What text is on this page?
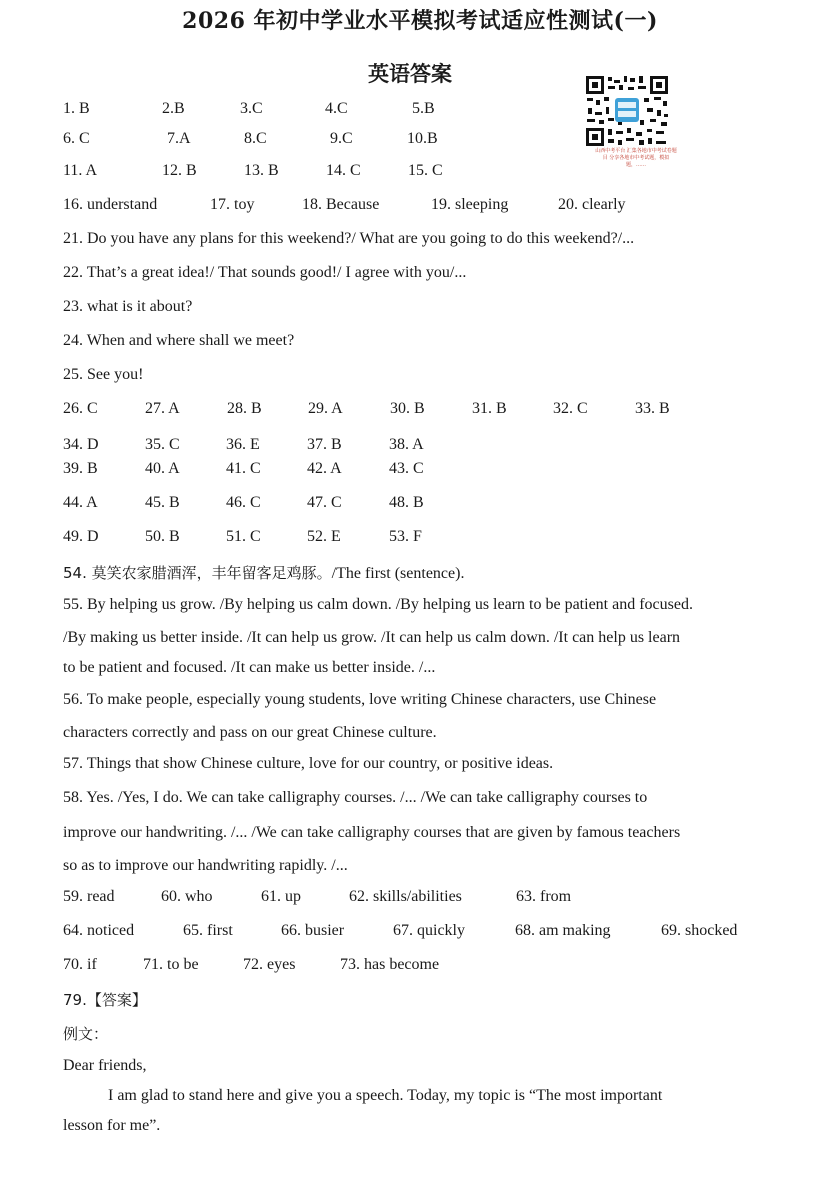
2026 年初中学业水平模拟考试适应性测试(一)
英语答案
山西中考平台 汇集各地市中考试卷题目 分享各地市中考试题，模拟题，……
1. B	2.B	3.C	4.C	5.B
6. C	7.A	8.C	9.C	10.B
11. A	12. B	13. B	14. C	15. C
16. understand	17. toy	18. Because	19. sleeping	20. clearly
21. Do you have any plans for this weekend?/ What are you going to do this weekend?/...
22. That’s a great idea!/ That sounds good!/ I agree with you/...
23. what is it about?
24. When and where shall we meet?
25. See you!
26. C	27. A	28. B	29. A	30. B	31. B	32. C	33. B
34. D	35. C	36. E	37. B	38. A
39. B	40. A	41. C	42. A	43. C
44. A	45. B	46. C	47. C	48. B
49. D	50. B	51. C	52. E	53. F
54. 莫笑农家腊酒浑，丰年留客足鸡豚。/The first (sentence).
55. By helping us grow. /By helping us calm down. /By helping us learn to be patient and focused.
/By making us better inside. /It can help us grow. /It can help us calm down. /It can help us learn
to be patient and focused. /It can make us better inside. /...
56. To make people, especially young students, love writing Chinese characters, use Chinese
characters correctly and pass on our great Chinese culture.
57. Things that show Chinese culture, love for our country, or positive ideas.
58. Yes. /Yes, I do. We can take calligraphy courses. /... /We can take calligraphy courses to
improve our handwriting. /... /We can take calligraphy courses that are given by famous teachers
so as to improve our handwriting rapidly. /...
59. read	60. who	61. up	62. skills/abilities	63. from
64. noticed	65. first	66. busier	67. quickly	68. am making	69. shocked
70. if	71. to be	72. eyes	73. has become
79.【答案】
例文：
Dear friends,
I am glad to stand here and give you a speech. Today, my topic is “The most important
lesson for me”.
